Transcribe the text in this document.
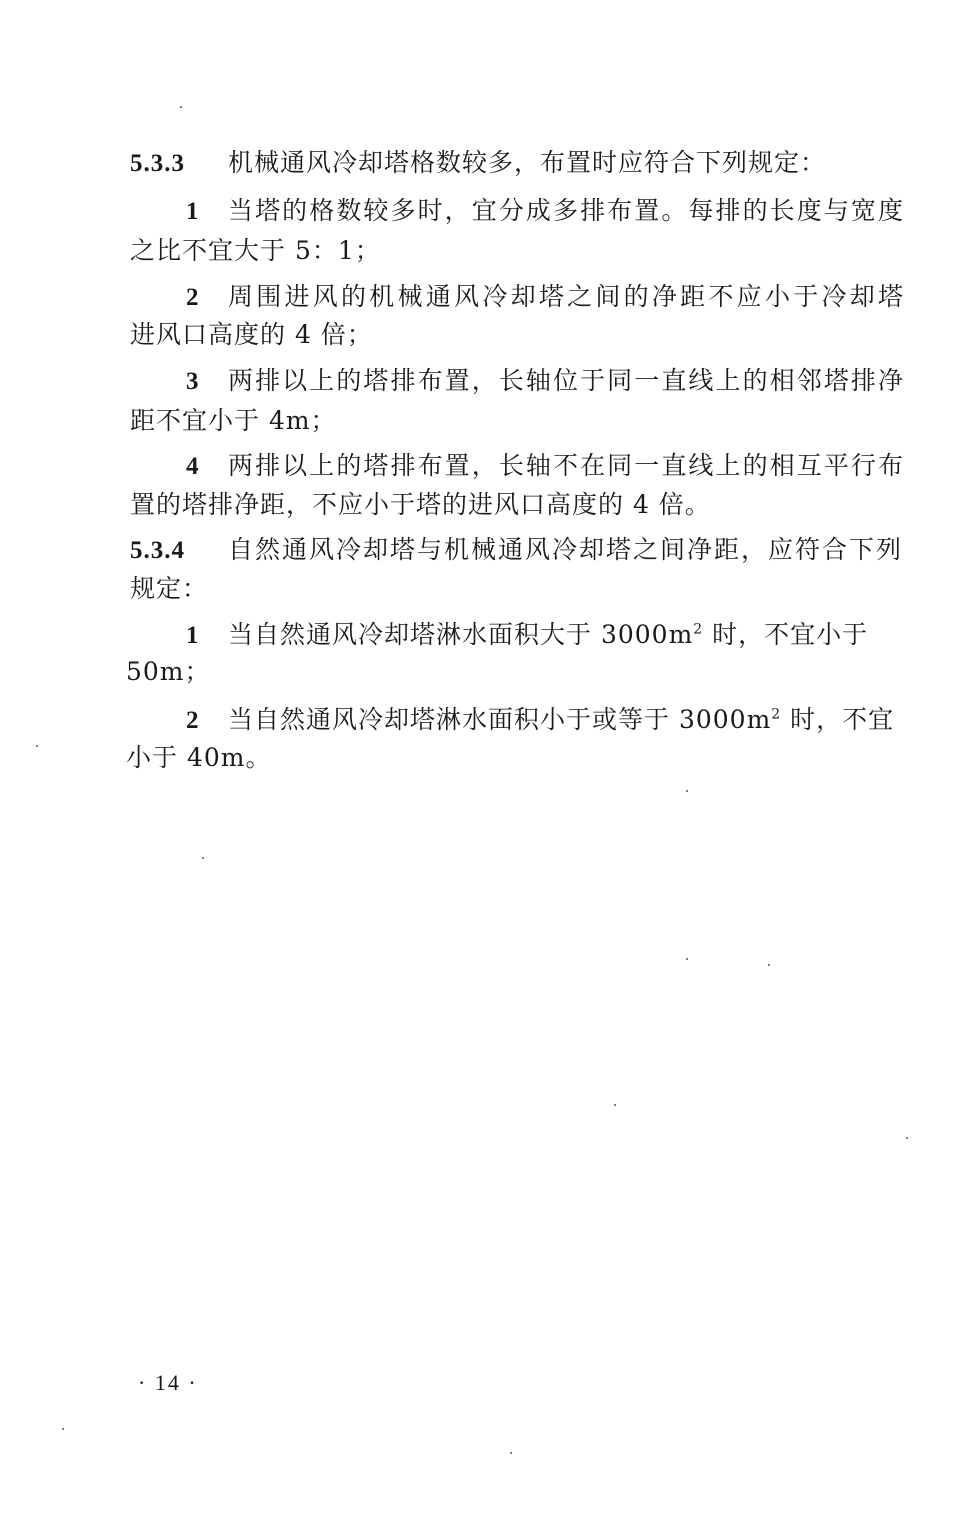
5.3.3 机械通风冷却塔格数较多，布置时应符合下列规定：
1 当塔的格数较多时，宜分成多排布置。每排的长度与宽度
之比不宜大于 5：1；
2 周围进风的机械通风冷却塔之间的净距不应小于冷却塔
进风口高度的 4 倍；
3 两排以上的塔排布置，长轴位于同一直线上的相邻塔排净
距不宜小于 4m；
4 两排以上的塔排布置，长轴不在同一直线上的相互平行布
置的塔排净距，不应小于塔的进风口高度的 4 倍。
5.3.4 自然通风冷却塔与机械通风冷却塔之间净距，应符合下列
规定：
1 当自然通风冷却塔淋水面积大于 $3000m^2$ 时，不宜小于
50m；
2 当自然通风冷却塔淋水面积小于或等于 $3000m^2$ 时，不宜
小于 40m。
· 14 ·
